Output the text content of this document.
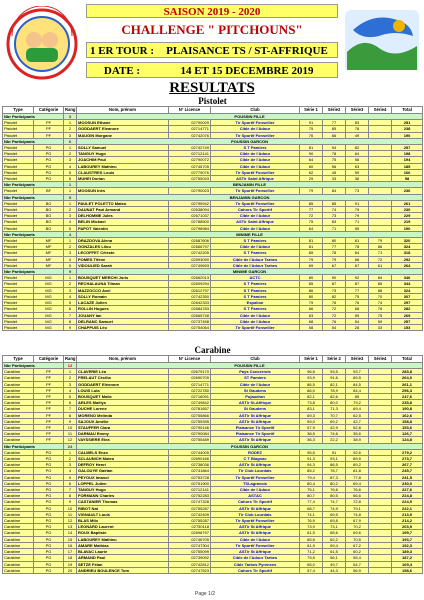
SAISON 2019 - 2020
CHALLENGE " PITCHOUNS"
1 ER TOUR :	PLAISANCE TS / ST-AFFRIQUE
DATE :	14 ET 15 DECEMBRE 2019
RESULTATS
Pistolet										
Type	Catégorie	Rang	Nom, prénom	N° Licence	Club	Série 1	Série2	Série3	Série4	Total
Nbr Participants		3	POUSSIN FILLE							
Pistolet	PF	1	MOOSUN Ethane	02790029	Tir Sportif Fonsellier	91	77	83		251
Pistolet	PF	2	GODDAERT Eleanore	02714771	Cible de l'Adour	75	85	78		238
Pistolet	PF	3	MAUGIN Morgane	02742076	Tir Sportif Fonsellier	76	66	49		190
Nbr Participants		6	POUSSIN GARCON							
Pistolet	PG	1	SOLLY Samuel	02742749	S T Pamiers	81	94	82		257
Pistolet	PG	2	TANGUY Hugo	02712141	Cible de l'Adour	90	78	64		198
Pistolet	PG	3	JOACHIM Paul	02790072	Cible de l'Adour	64	75	56		194
Pistolet	PG	4	LABOUREY Mathieu	02746705	Cible de l'Adour	60	56	63		185
Pistolet	PG	5	CLAUSTRES Louis	02779076	Tir Sportif Fonsellier	62	45	59		166
Pistolet	PG	6	MUHEI Dorian	02755043	ASTir Saint Affrique	29	33	36		98
Nbr Participants		1	BENJAMIN FILLE							
Pistolet	BF	1	MOOSUN Inès	02790023	Tir Sportif Fonsellier	79	84	73		236
Nbr Participants		5	BENJAMIN GARCON							
Pistolet	BG	1	PAULET POLETTO Mateo	02795942	Tir Sportif Fonsellier	85	85	91		261
Pistolet	BG	2	DAUNAT Paul Armand	02638094	Cahors Tir Sportif	77	74	79		230
Pistolet	BG	3	DELHOMME Jules	02671037	Cible de l'Adour	72	73	79		229
Pistolet	BG	4	BELIN Mickael	02788500	ASTir Saint Affrique	75	83	71		219
Pistolet	BG	5	PAPOT Valentin	02798984	Cible de l'Adour	64	71	55		190
Nbr Participants		4	MINIME FILLE							
Pistolet	MF	1	DRAZDOVA Alena	02687606	S T Pamiers	81	80	81	79	320
Pistolet	MF	2	GONZALES Lilou	02666797	Cible de l'Adour	81	77	78	86	324
Pistolet	MF	3	LECOFFET Céleste	02742205	S T Pamiers	85	78	84	71	318
Pistolet	MF	4	POMES Tifène	02593090	Cible de l'Adour Tarbes	79	79	68	72	292
Pistolet	MF	5	VIDOULIED Sarah	02749693	Cible de l'Adour Tarbes	69	67	67	61	264
Nbr Participants		9	MINIME GARCON							
Pistolet	MG	1	BOUSQUET MERCHI Joris	02662013	ACTC	80	90	92	84	346
Pistolet	MG	2	RECHALAUNA Tilman	02609294	S T Pamiers	85	87	87	85	344
Pistolet	MG	3	MAZZOCCO Axel	02612797	S T Pamiers	86	73	77	88	324
Pistolet	MG	4	SOLLY Romain	02742350	S T Pamiers	80	82	75	70	307
Pistolet	MG	5	LACAZE Julien	02642333	Espalion	79	76	76	74	297
Pistolet	MG	6	ROLLIN Hugues	02684783	S T Pamiers	66	72	68	76	282
Pistolet	MG	7	JOUANY Ian	02665748	Cible de l'Adour	63	72	59	75	269
Pistolet	MG	8	DELRANC Samuel	02737498	Cible de l'Adour	68	76	54	59	257
Pistolet	MG	9	CHAPPUIS Léo	02754064	Tir Sportif Fonsellier	58	54	28	33	153
Carabine										
Type	Catégorie	Rang	Nom, prénom	N° Licence	Club	Série 1	Série 2	Série3	Série4	Total
Nbr Participants		12	POUSSIN FILLE							
Carabine	PF	1	CLAVERIE Léa	02679170	Pays Concerrois	96,6	93,5	93,7		283,8
Carabine	PF	2	FRELAUT Cécilia	02690709	ST Pamiers	93,9	91,6	89,5		264,0
Carabine	PF	3	GODDAERT Eléonore	02714771	Cible de l'Adour	86,5	82,1	84,5		261,1
Carabine	PF	4	LOUIS Lola	02722780	St Gaudens	86,0	78,9	84,4		256,3
Carabine	PF	5	BOUSQUET Malie	02716091	Pujaudran	82,1	82,6	85		247,6
Carabine	PF	6	ARLES Maëlys	02749842	ASTir St-Affrique	73,8	80,0	79,2		235,8
Carabine	PF	7	DUCHE Lorene	02781657	St Gaudens	83,1	71,3	69,4		190,8
Carabine	PF	8	MORENO Melinda	02755866	ASTir St Affrique	69,3	70,7	62,5		162,6
Carabine	PF	9	SAJOUX Amélie	02755395	ASTir St Affrique	59,0	69,2	42,7		158,8
Carabine	PF	10	STAUFFER Clara	02790146	Plaisance Tir Sportif	57,9	42,9	52,8		153,6
Carabine	PF	11	DARMAU Emmy	02790084	Plaisance Tir Sportif	38,5	74,6	35,6		126,7
Carabine	PF	12	VAYSSIERE Elea	02755489	ASTir St Affrique	36,3	22,2	38,9		124,8
Nbr Participants		24	POUSSIN GARCON							
Carabine	PG	1	CALMELS Enzo	02744005	RODEZ	95,6	91	92,6		279,2
Carabine	PG	2	SCLAUNICH Mateo	02690166	C T Blagnac	91,3	93,1	89,5		273,7
Carabine	PG	3	DEFROY Henri	02738036	ASTir St Affrique	94,3	86,5	89,2		267,7
Carabine	PG	4	GALOUYE Gaétan	02741864	Tir Club Lourdais	85,2	78,7	81,8		245,7
Carabine	PG	5	PEYOUX Imanol	02753728	Tir Sportif Fonsellier	79,4	87,3	77,8		241,5
Carabine	PG	6	LOPPEL Julien	02751900	TSLagravois	80,4	80,2	69,4		230,0
Carabine	PG	7	TANGUY Hugo	02712141	Cible de l'Adour	75,1	76,6	76,6		227,6
Carabine	PG	8	FORMANN Charles	02752283	ASTAC	80,7	80,5	66,6		224,8
Carabine	PG	9	CASTANIER Thomas	02747328	Cahors Tir Sportif	77,4	74,7	72,8		224,9
Carabine	PG	10	RIBOT Nat	02755287	ASTir St Affrique	68,7	74,9	79,1		222,1
Carabine	PG	11	VIGNAULT Louis	02742409	Tir Club Lourdais	74,1	69,5	74,8		213,9
Carabine	PG	12	BLAS Milo	02755287	Tir Sportif Fonsellier	76,9	69,8	67,9		214,2
Carabine	PG	13	LEONARD Laurent	02750118	ASTir St Affrique	73,9	73,1	70,2		203,9
Carabine	PG	14	ROUX Baptiste	02698797	ASTir St Affrique	61,5	68,6	69,6		199,7
Carabine	PG	15	LABOUREY Mathieu	02746705	Cible de l'Adour	65,6	62,2	70,5		193,7
Carabine	PG	16	AMARE Mathias	02747304	Tir Sportif Fonsellier	61,9	59,4	67,2		192,3
Carabine	PG	17	BLAVAC Laurie	02755099	ASTir St Affrique	71,2	61,5	60,2		189,3
Carabine	PG	18	ARMAND Paul	02739092	Cible de l'Adour Tarbes	79,5	56,1	55,4		187,2
Carabine	PG	19	SETZE Félan	02742812	Cible Tarbes Pyrenees	65,0	49,7	54,7		169,4
Carabine	PG	20	ANDRIEU BOULENCE Tom	02747523	Cahors Tir Sportif	57,4	44,3	56,9		158,6
Page 1/2
